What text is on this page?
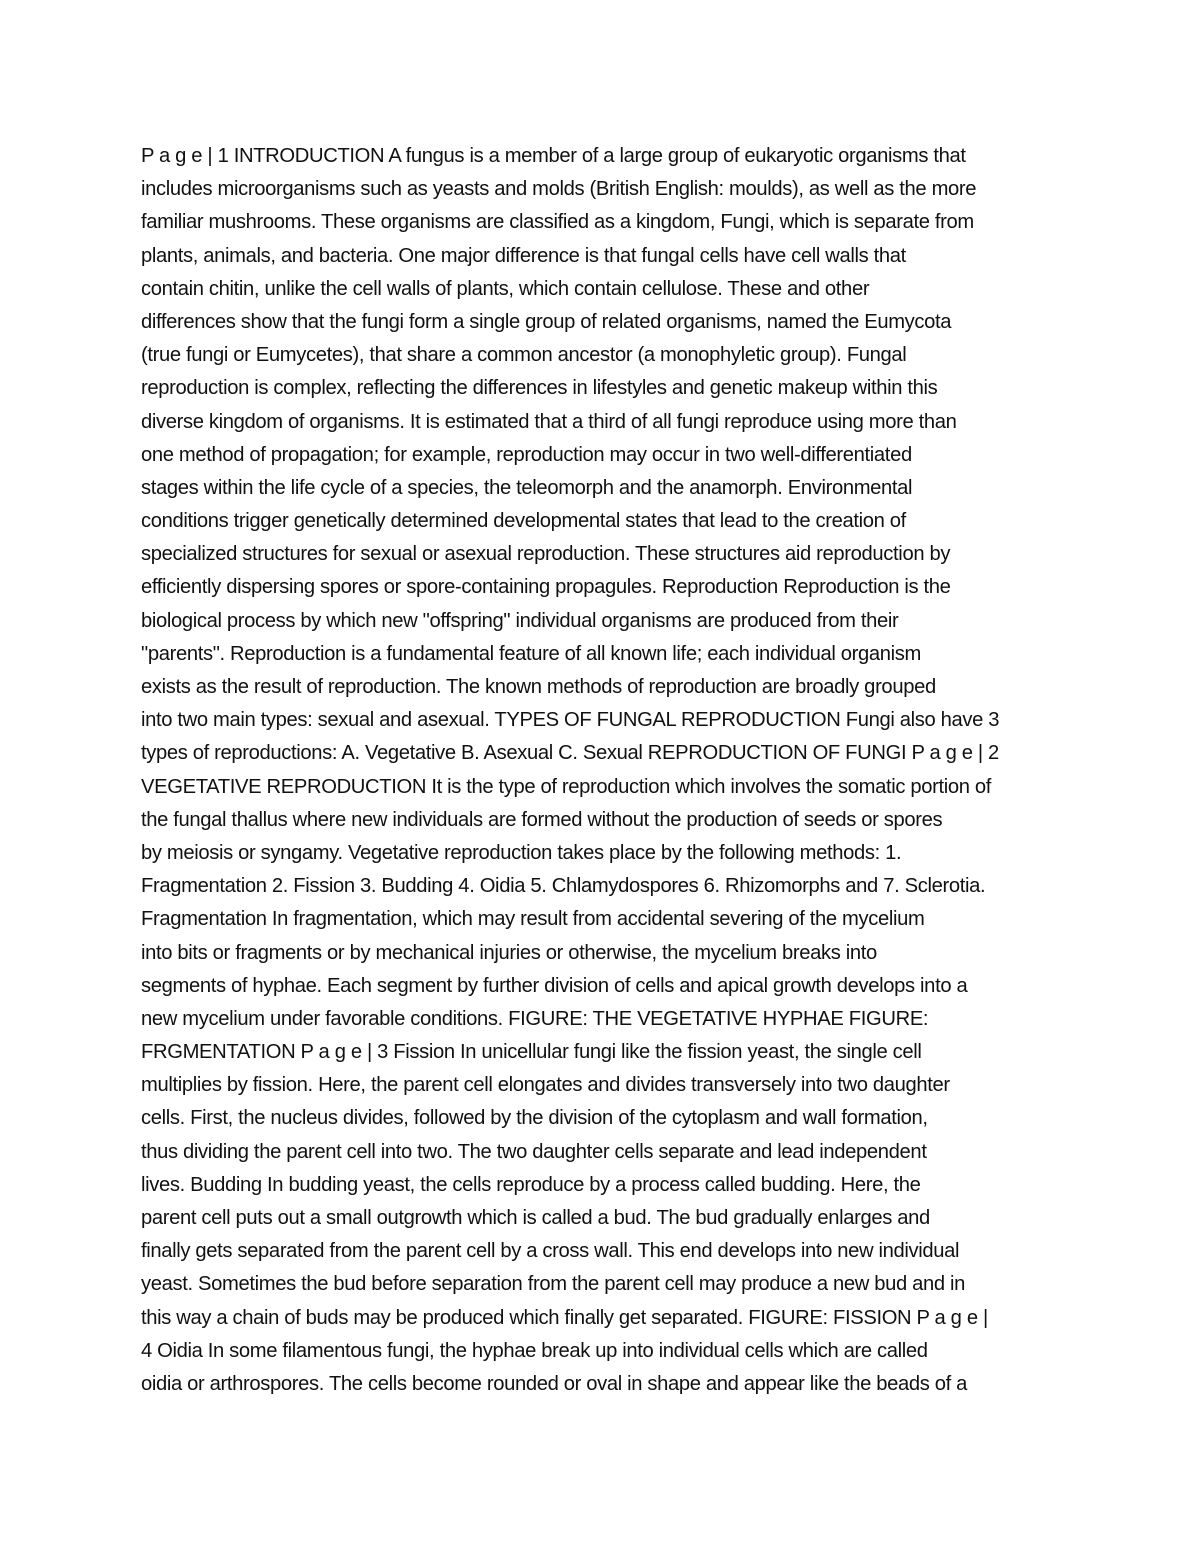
P a g e | 1 INTRODUCTION A fungus is a member of a large group of eukaryotic organisms that
includes microorganisms such as yeasts and molds (British English: moulds), as well as the more
familiar mushrooms. These organisms are classified as a kingdom, Fungi, which is separate from
plants, animals, and bacteria. One major difference is that fungal cells have cell walls that
contain chitin, unlike the cell walls of plants, which contain cellulose. These and other
differences show that the fungi form a single group of related organisms, named the Eumycota
(true fungi or Eumycetes), that share a common ancestor (a monophyletic group). Fungal
reproduction is complex, reflecting the differences in lifestyles and genetic makeup within this
diverse kingdom of organisms. It is estimated that a third of all fungi reproduce using more than
one method of propagation; for example, reproduction may occur in two well-differentiated
stages within the life cycle of a species, the teleomorph and the anamorph. Environmental
conditions trigger genetically determined developmental states that lead to the creation of
specialized structures for sexual or asexual reproduction. These structures aid reproduction by
efficiently dispersing spores or spore-containing propagules. Reproduction Reproduction is the
biological process by which new "offspring" individual organisms are produced from their
"parents". Reproduction is a fundamental feature of all known life; each individual organism
exists as the result of reproduction. The known methods of reproduction are broadly grouped
into two main types: sexual and asexual. TYPES OF FUNGAL REPRODUCTION Fungi also have 3
types of reproductions: A. Vegetative B. Asexual C. Sexual REPRODUCTION OF FUNGI P a g e | 2
VEGETATIVE REPRODUCTION It is the type of reproduction which involves the somatic portion of
the fungal thallus where new individuals are formed without the production of seeds or spores
by meiosis or syngamy. Vegetative reproduction takes place by the following methods: 1.
Fragmentation 2. Fission 3. Budding 4. Oidia 5. Chlamydospores 6. Rhizomorphs and 7. Sclerotia.
Fragmentation In fragmentation, which may result from accidental severing of the mycelium
into bits or fragments or by mechanical injuries or otherwise, the mycelium breaks into
segments of hyphae. Each segment by further division of cells and apical growth develops into a
new mycelium under favorable conditions. FIGURE: THE VEGETATIVE HYPHAE FIGURE:
FRGMENTATION P a g e | 3 Fission In unicellular fungi like the fission yeast, the single cell
multiplies by fission. Here, the parent cell elongates and divides transversely into two daughter
cells. First, the nucleus divides, followed by the division of the cytoplasm and wall formation,
thus dividing the parent cell into two. The two daughter cells separate and lead independent
lives. Budding In budding yeast, the cells reproduce by a process called budding. Here, the
parent cell puts out a small outgrowth which is called a bud. The bud gradually enlarges and
finally gets separated from the parent cell by a cross wall. This end develops into new individual
yeast. Sometimes the bud before separation from the parent cell may produce a new bud and in
this way a chain of buds may be produced which finally get separated. FIGURE: FISSION P a g e |
4 Oidia In some filamentous fungi, the hyphae break up into individual cells which are called
oidia or arthrospores. The cells become rounded or oval in shape and appear like the beads of a
